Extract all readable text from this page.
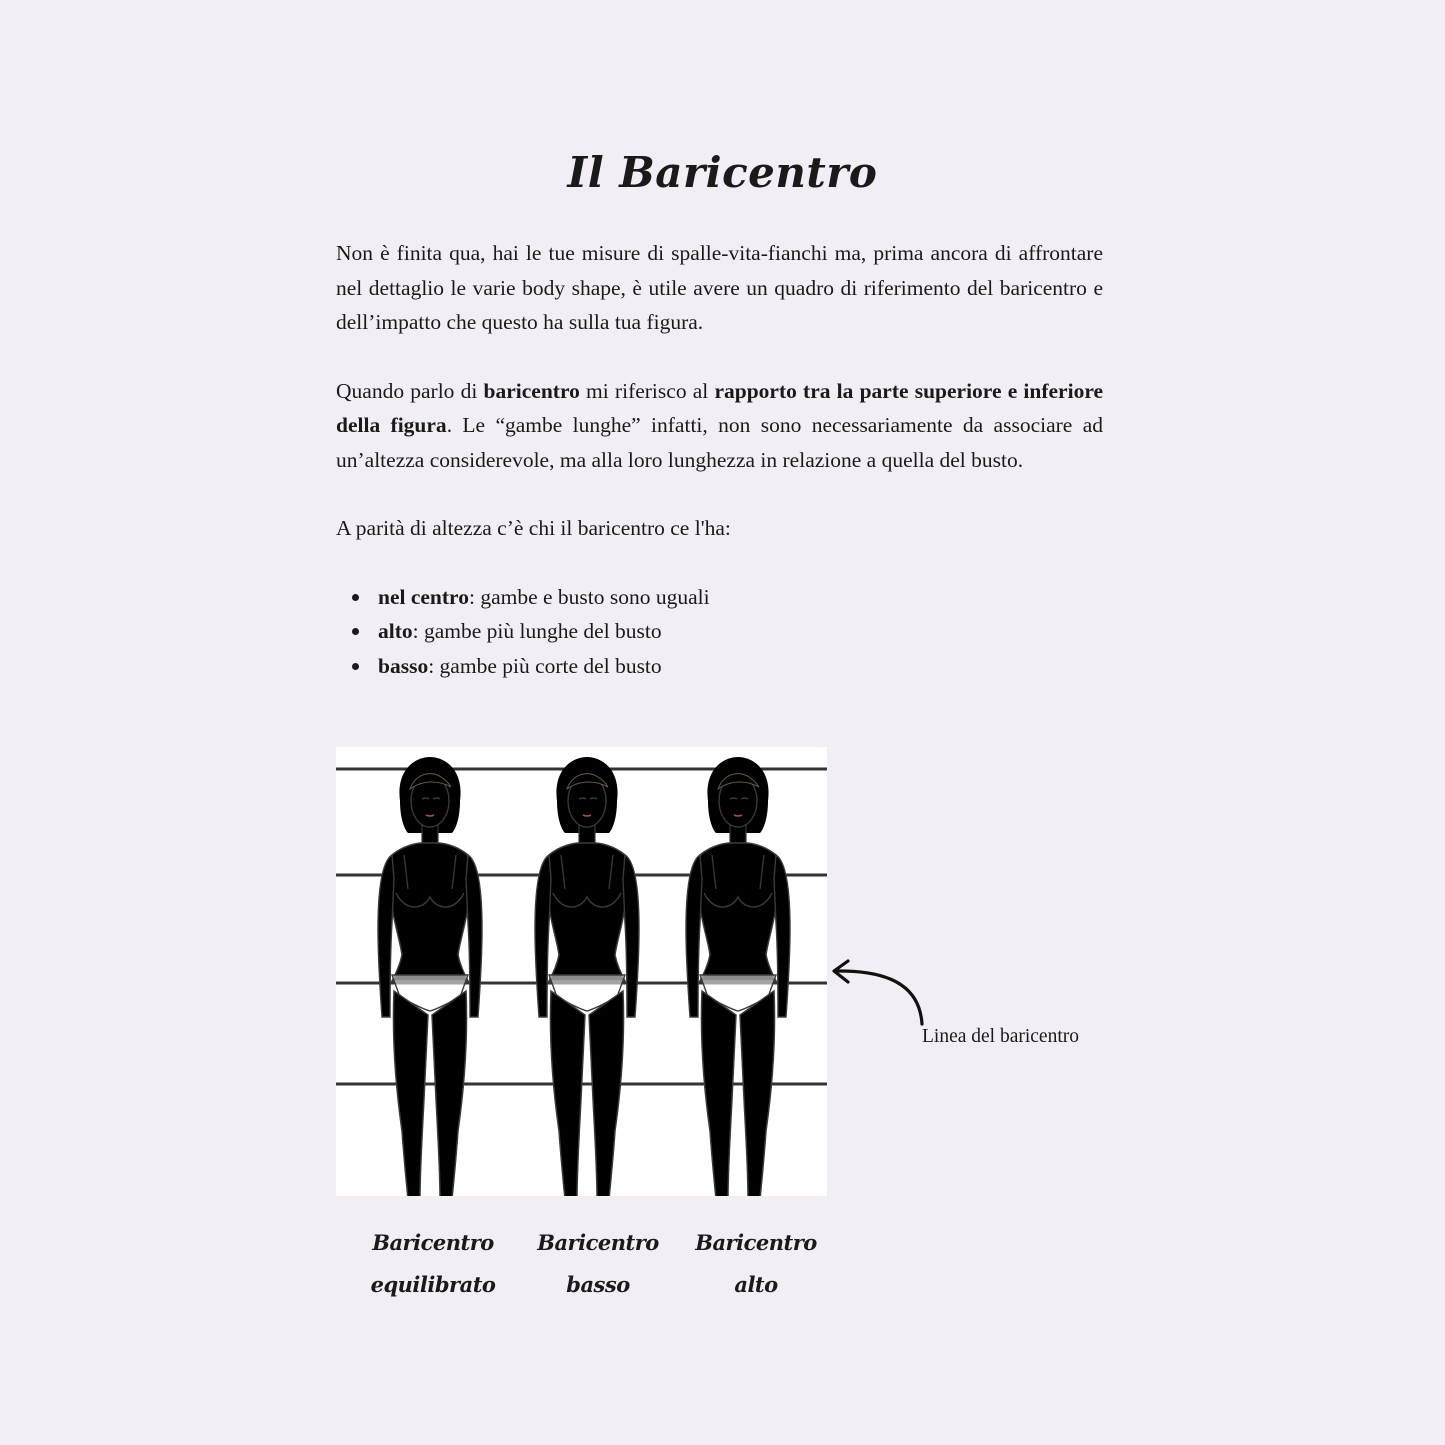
Il Baricentro

Non è finita qua, hai le tue misure di spalle-vita-fianchi ma, prima ancora di affrontare nel dettaglio le varie body shape, è utile avere un quadro di riferimento del baricentro e dell’impatto che questo ha sulla tua figura.

Quando parlo di baricentro mi riferisco al rapporto tra la parte superiore e inferiore della figura. Le “gambe lunghe” infatti, non sono necessariamente da associare ad un’altezza considerevole, ma alla loro lunghezza in relazione a quella del busto.

A parità di altezza c’è chi il baricentro ce l'ha:

nel centro: gambe e busto sono uguali
alto: gambe più lunghe del busto
basso: gambe più corte del busto
Baricentro
equilibrato
Baricentro
basso
Baricentro
alto
Linea del baricentro
